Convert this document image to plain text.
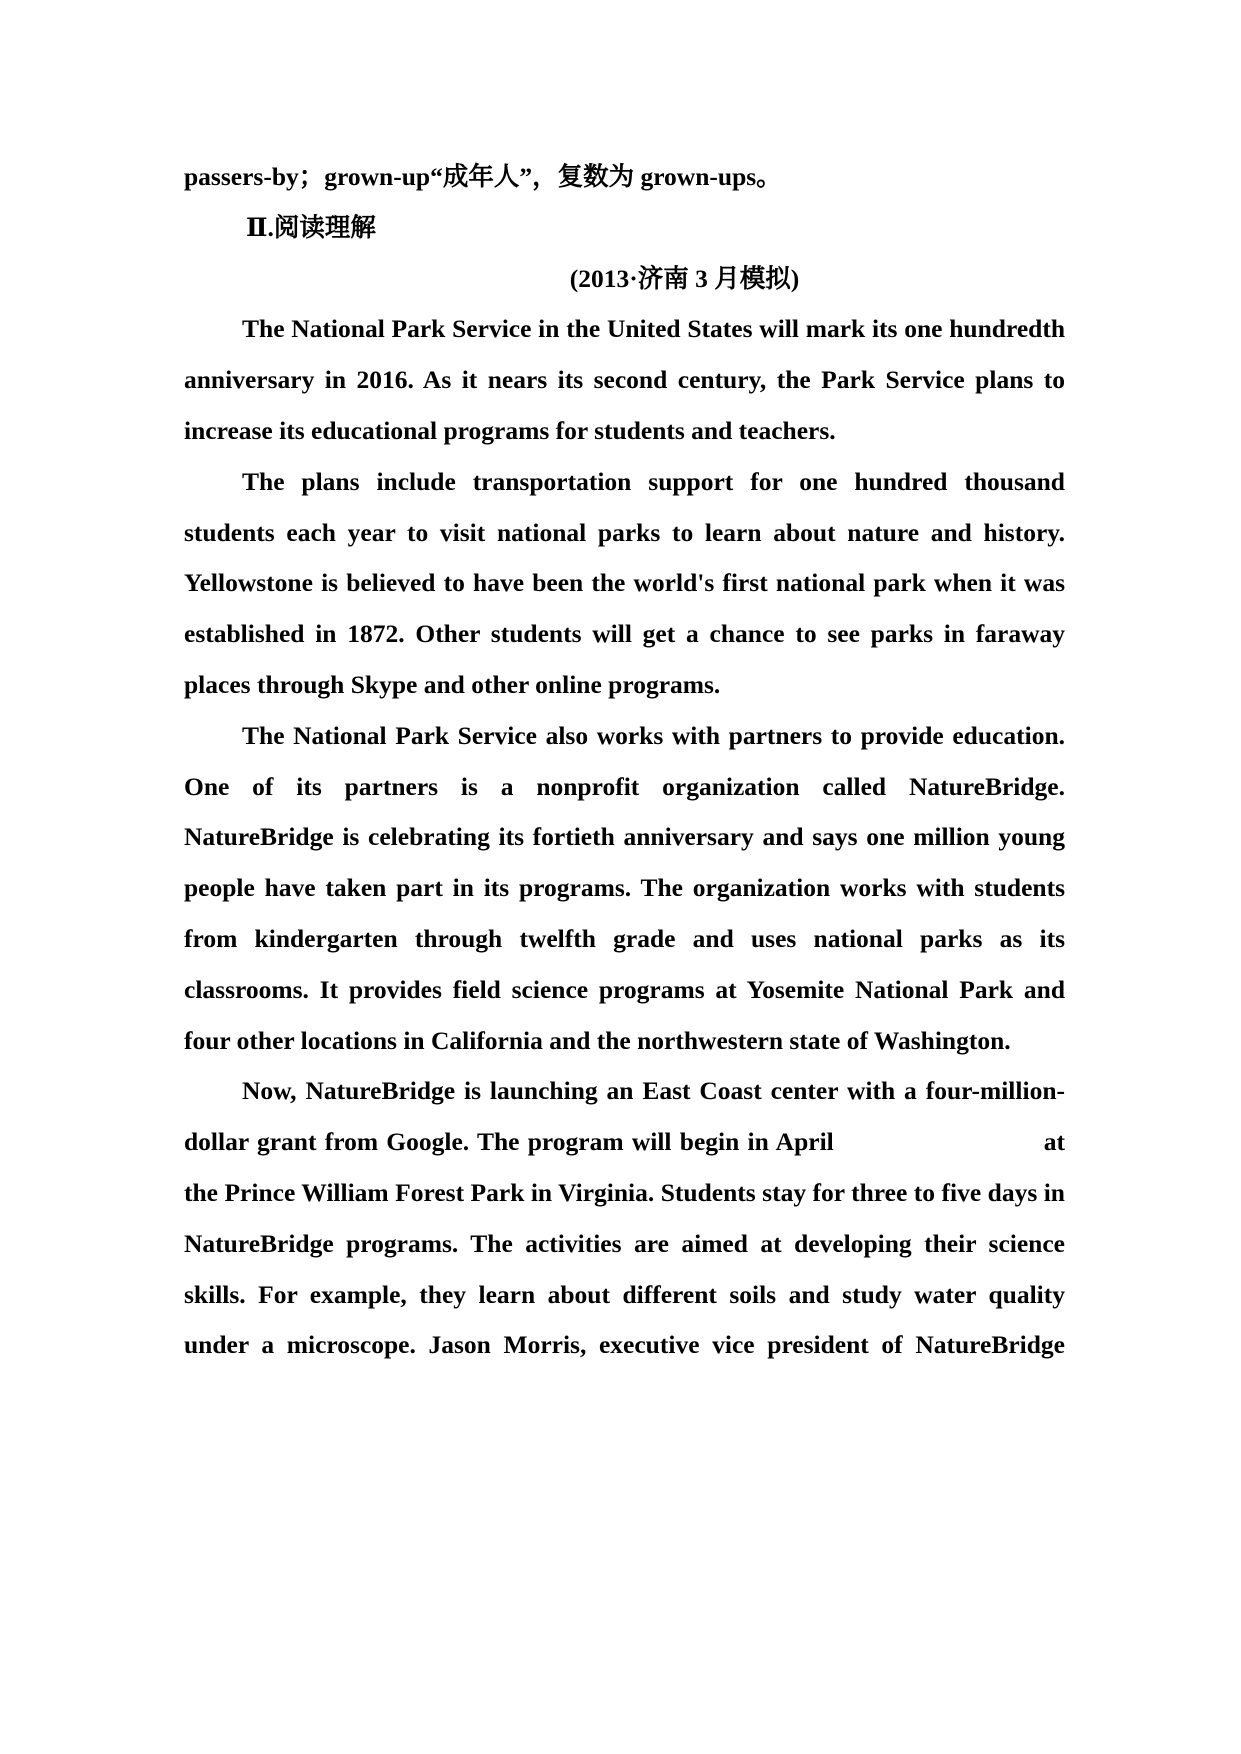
passers-by；grown-up“成年人”，复数为 grown-ups。

Ⅱ.阅读理解

(2013·济南 3 月模拟)

The National Park Service in the United States will mark its one hundredth anniversary in 2016. As it nears its second century, the Park Service plans to increase its educational programs for students and teachers.

The plans include transportation support for one hundred thousand students each year to visit national parks to learn about nature and history. Yellowstone is believed to have been the world's first national park when it was established in 1872. Other students will get a chance to see parks in faraway places through Skype and other online programs.

The National Park Service also works with partners to provide education. One of its partners is a nonprofit organization called NatureBridge. NatureBridge is celebrating its fortieth anniversary and says one million young people have taken part in its programs. The organization works with students from kindergarten through twelfth grade and uses national parks as its classrooms. It provides field science programs at Yosemite National Park and four other locations in California and the northwestern state of Washington.

Now, NatureBridge is launching an East Coast center with a four-million-dollar grant from Google. The program will begin in April	at the Prince William Forest Park in Virginia. Students stay for three to five days in NatureBridge programs. The activities are aimed at developing their science skills. For example, they learn about different soils and study water quality under a microscope. Jason Morris, executive vice president of NatureBridge
